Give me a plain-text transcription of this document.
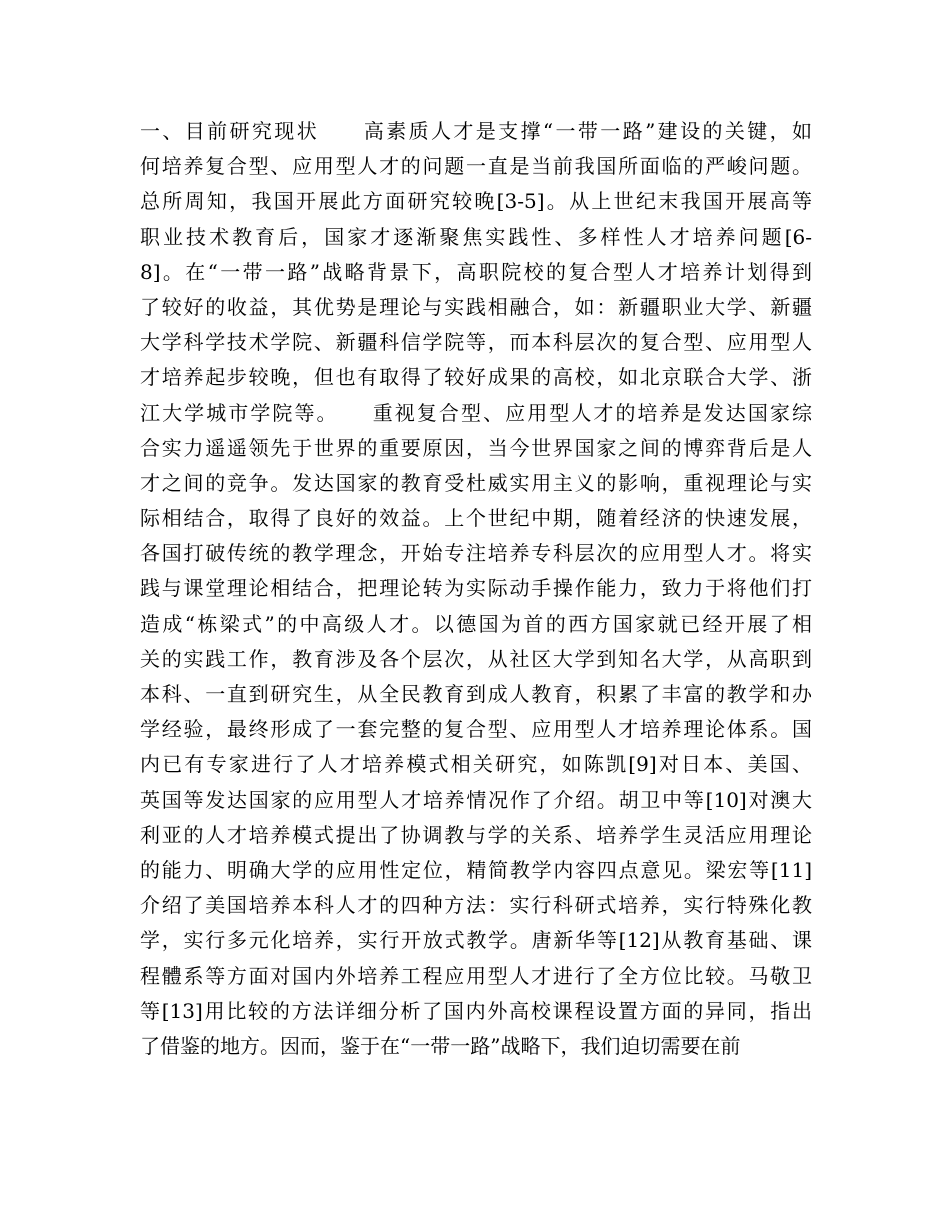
一、目前研究现状　　高素质人才是支撑“一带一路”建设的关键，如
何培养复合型、应用型人才的问题一直是当前我国所面临的严峻问题。
总所周知，我国开展此方面研究较晚[3-5]。从上世纪末我国开展高等
职业技术教育后，国家才逐渐聚焦实践性、多样性人才培养问题[6-
8]。在“一带一路”战略背景下，高职院校的复合型人才培养计划得到
了较好的收益，其优势是理论与实践相融合，如：新疆职业大学、新疆
大学科学技术学院、新疆科信学院等，而本科层次的复合型、应用型人
才培养起步较晚，但也有取得了较好成果的高校，如北京联合大学、浙
江大学城市学院等。　　重视复合型、应用型人才的培养是发达国家综
合实力遥遥领先于世界的重要原因，当今世界国家之间的博弈背后是人
才之间的竞争。发达国家的教育受杜威实用主义的影响，重视理论与实
际相结合，取得了良好的效益。上个世纪中期，随着经济的快速发展，
各国打破传统的教学理念，开始专注培养专科层次的应用型人才。将实
践与课堂理论相结合，把理论转为实际动手操作能力，致力于将他们打
造成“栋梁式”的中高级人才。以德国为首的西方国家就已经开展了相
关的实践工作，教育涉及各个层次，从社区大学到知名大学，从高职到
本科、一直到研究生，从全民教育到成人教育，积累了丰富的教学和办
学经验，最终形成了一套完整的复合型、应用型人才培养理论体系。国
内已有专家进行了人才培养模式相关研究，如陈凯[9]对日本、美国、
英国等发达国家的应用型人才培养情况作了介绍。胡卫中等[10]对澳大
利亚的人才培养模式提出了协调教与学的关系、培养学生灵活应用理论
的能力、明确大学的应用性定位，精简教学内容四点意见。梁宏等[11]
介绍了美国培养本科人才的四种方法：实行科研式培养，实行特殊化教
学，实行多元化培养，实行开放式教学。唐新华等[12]从教育基础、课
程體系等方面对国内外培养工程应用型人才进行了全方位比较。马敬卫
等[13]用比较的方法详细分析了国内外高校课程设置方面的异同，指出
了借鉴的地方。因而，鉴于在“一带一路”战略下，我们迫切需要在前
